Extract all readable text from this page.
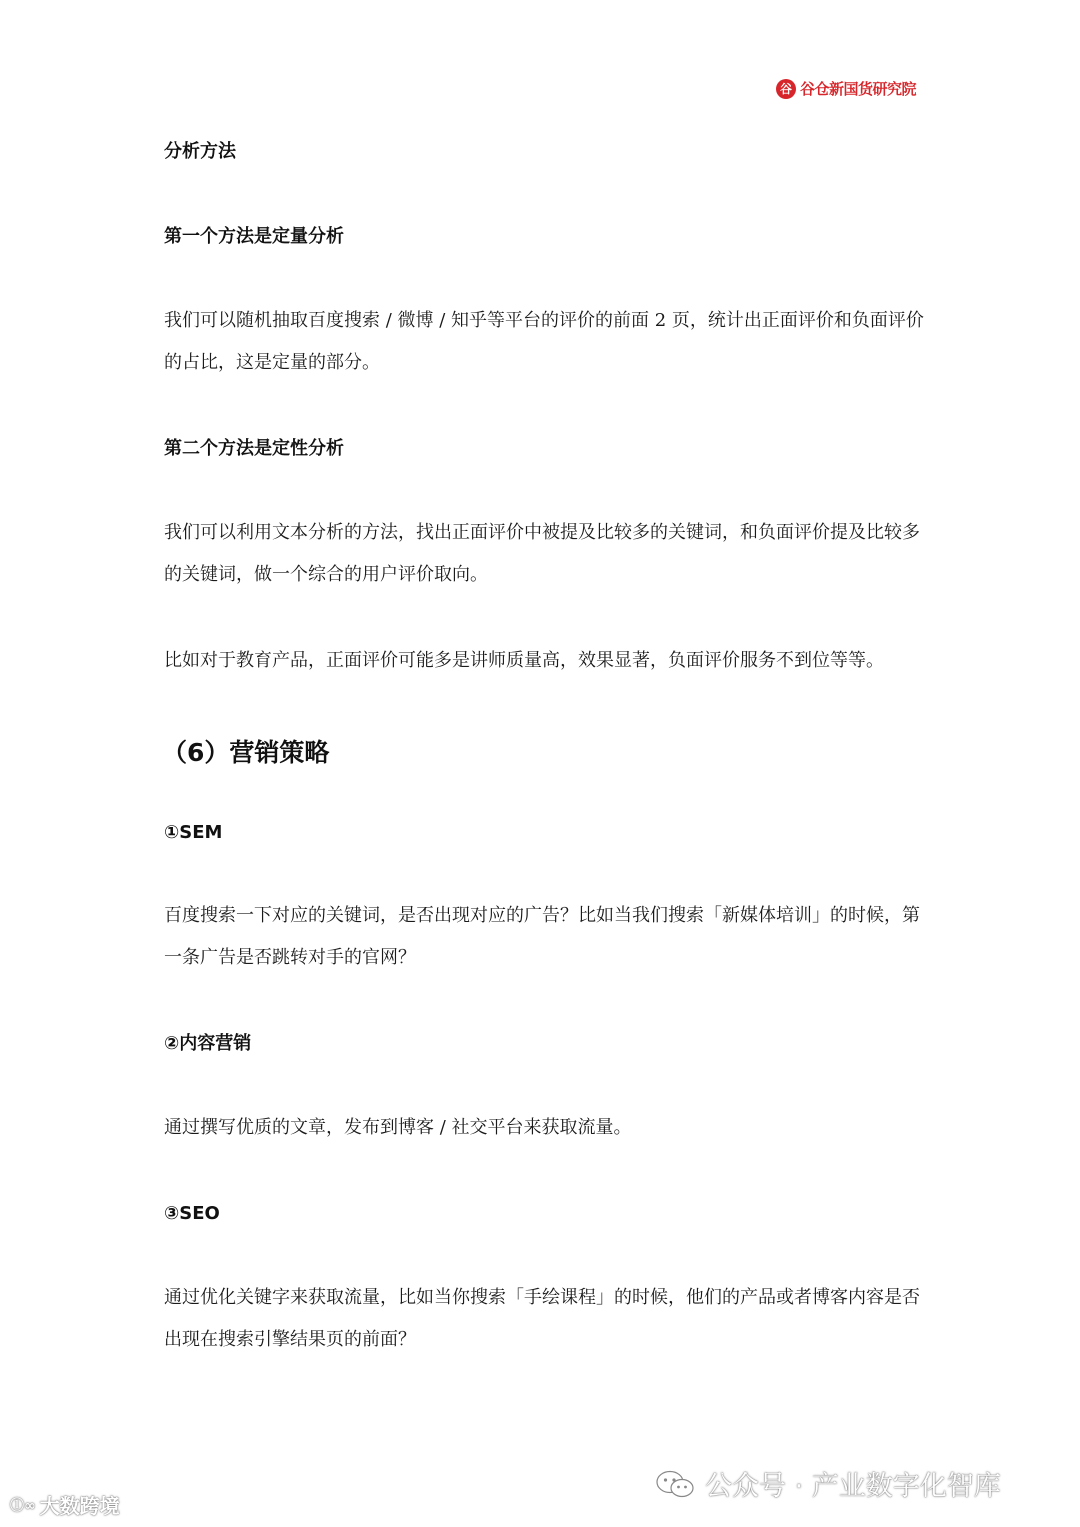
谷 谷仓新国货研究院
分析方法
第一个方法是定量分析
我们可以随机抽取百度搜索 / 微博 / 知乎等平台的评价的前面 2 页，统计出正面评价和负面评价的占比，这是定量的部分。
第二个方法是定性分析
我们可以利用文本分析的方法，找出正面评价中被提及比较多的关键词，和负面评价提及比较多的关键词，做一个综合的用户评价取向。
比如对于教育产品，正面评价可能多是讲师质量高，效果显著，负面评价服务不到位等等。
（6）营销策略
①SEM
百度搜索一下对应的关键词，是否出现对应的广告？比如当我们搜索「新媒体培训」的时候，第一条广告是否跳转对手的官网？
②内容营销
通过撰写优质的文章，发布到博客 / 社交平台来获取流量。
③SEO
通过优化关键字来获取流量，比如当你搜索「手绘课程」的时候，他们的产品或者博客内容是否出现在搜索引擎结果页的前面？
ⓛ∞ 大数跨境
公众号 · 产业数字化智库
